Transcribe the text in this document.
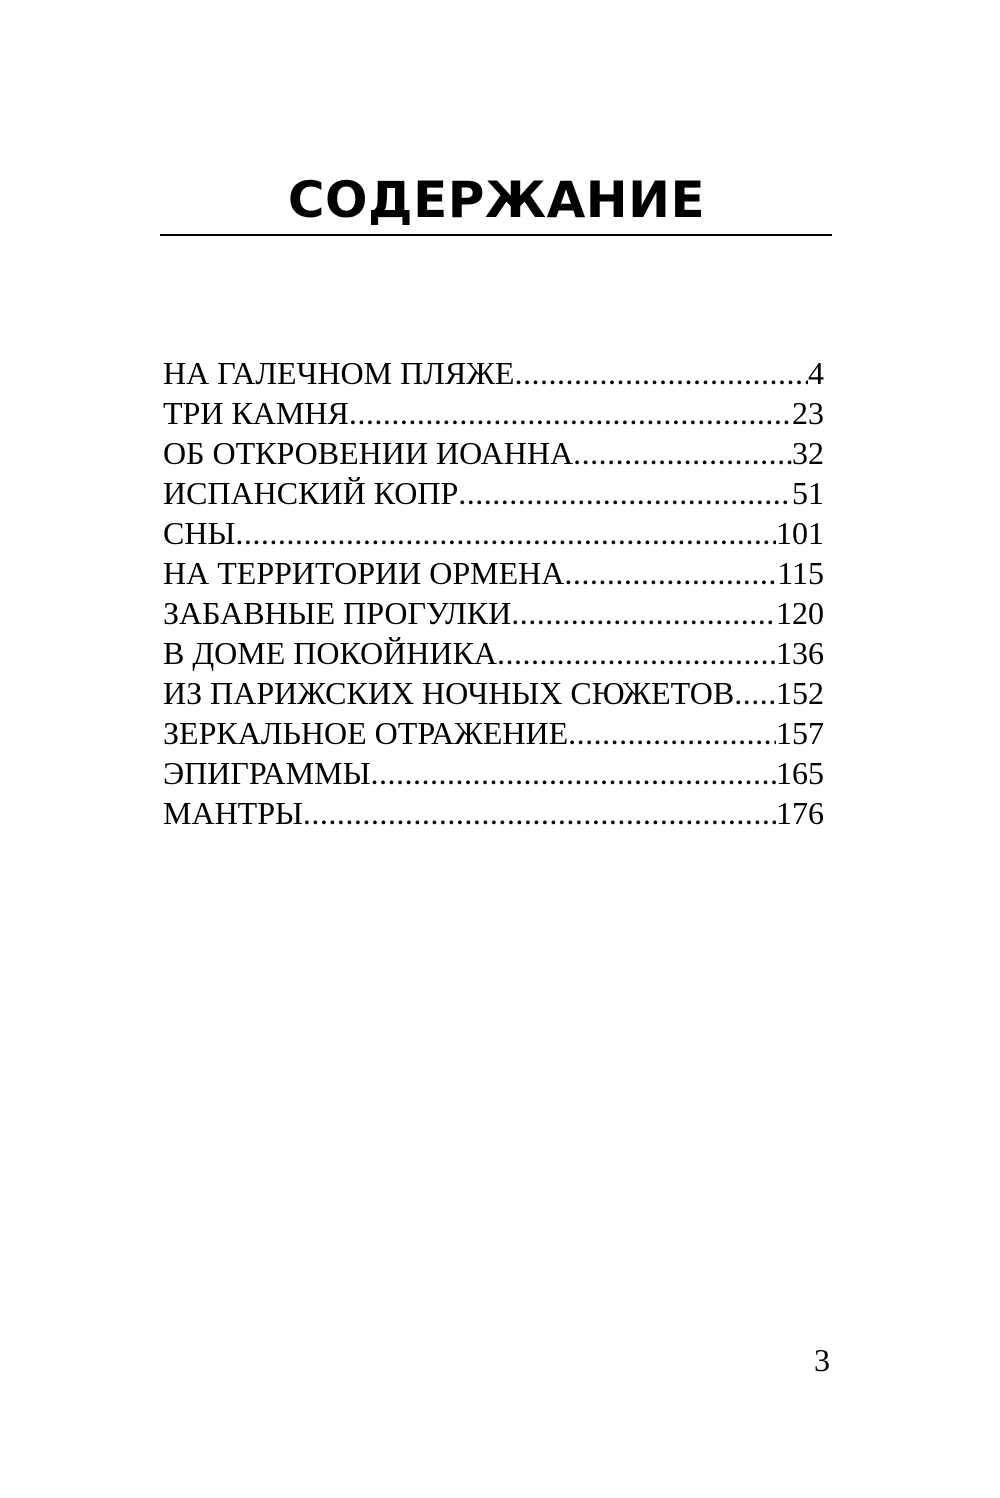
СОДЕРЖАНИЕ
НА ГАЛЕЧНОМ ПЛЯЖЕ .....	4
ТРИ КАМНЯ .....	23
ОБ ОТКРОВЕНИИ ИОАННА .....	32
ИСПАНСКИЙ КОПР .....	51
СНЫ .....	101
НА ТЕРРИТОРИИ ОРМЕНА .....	115
ЗАБАВНЫЕ ПРОГУЛКИ .....	120
В ДОМЕ ПОКОЙНИКА .....	136
ИЗ ПАРИЖСКИХ НОЧНЫХ СЮЖЕТОВ ..... 152
ЗЕРКАЛЬНОЕ ОТРАЖЕНИЕ .....	157
ЭПИГРАММЫ .....	165
МАНТРЫ .....	176
3
